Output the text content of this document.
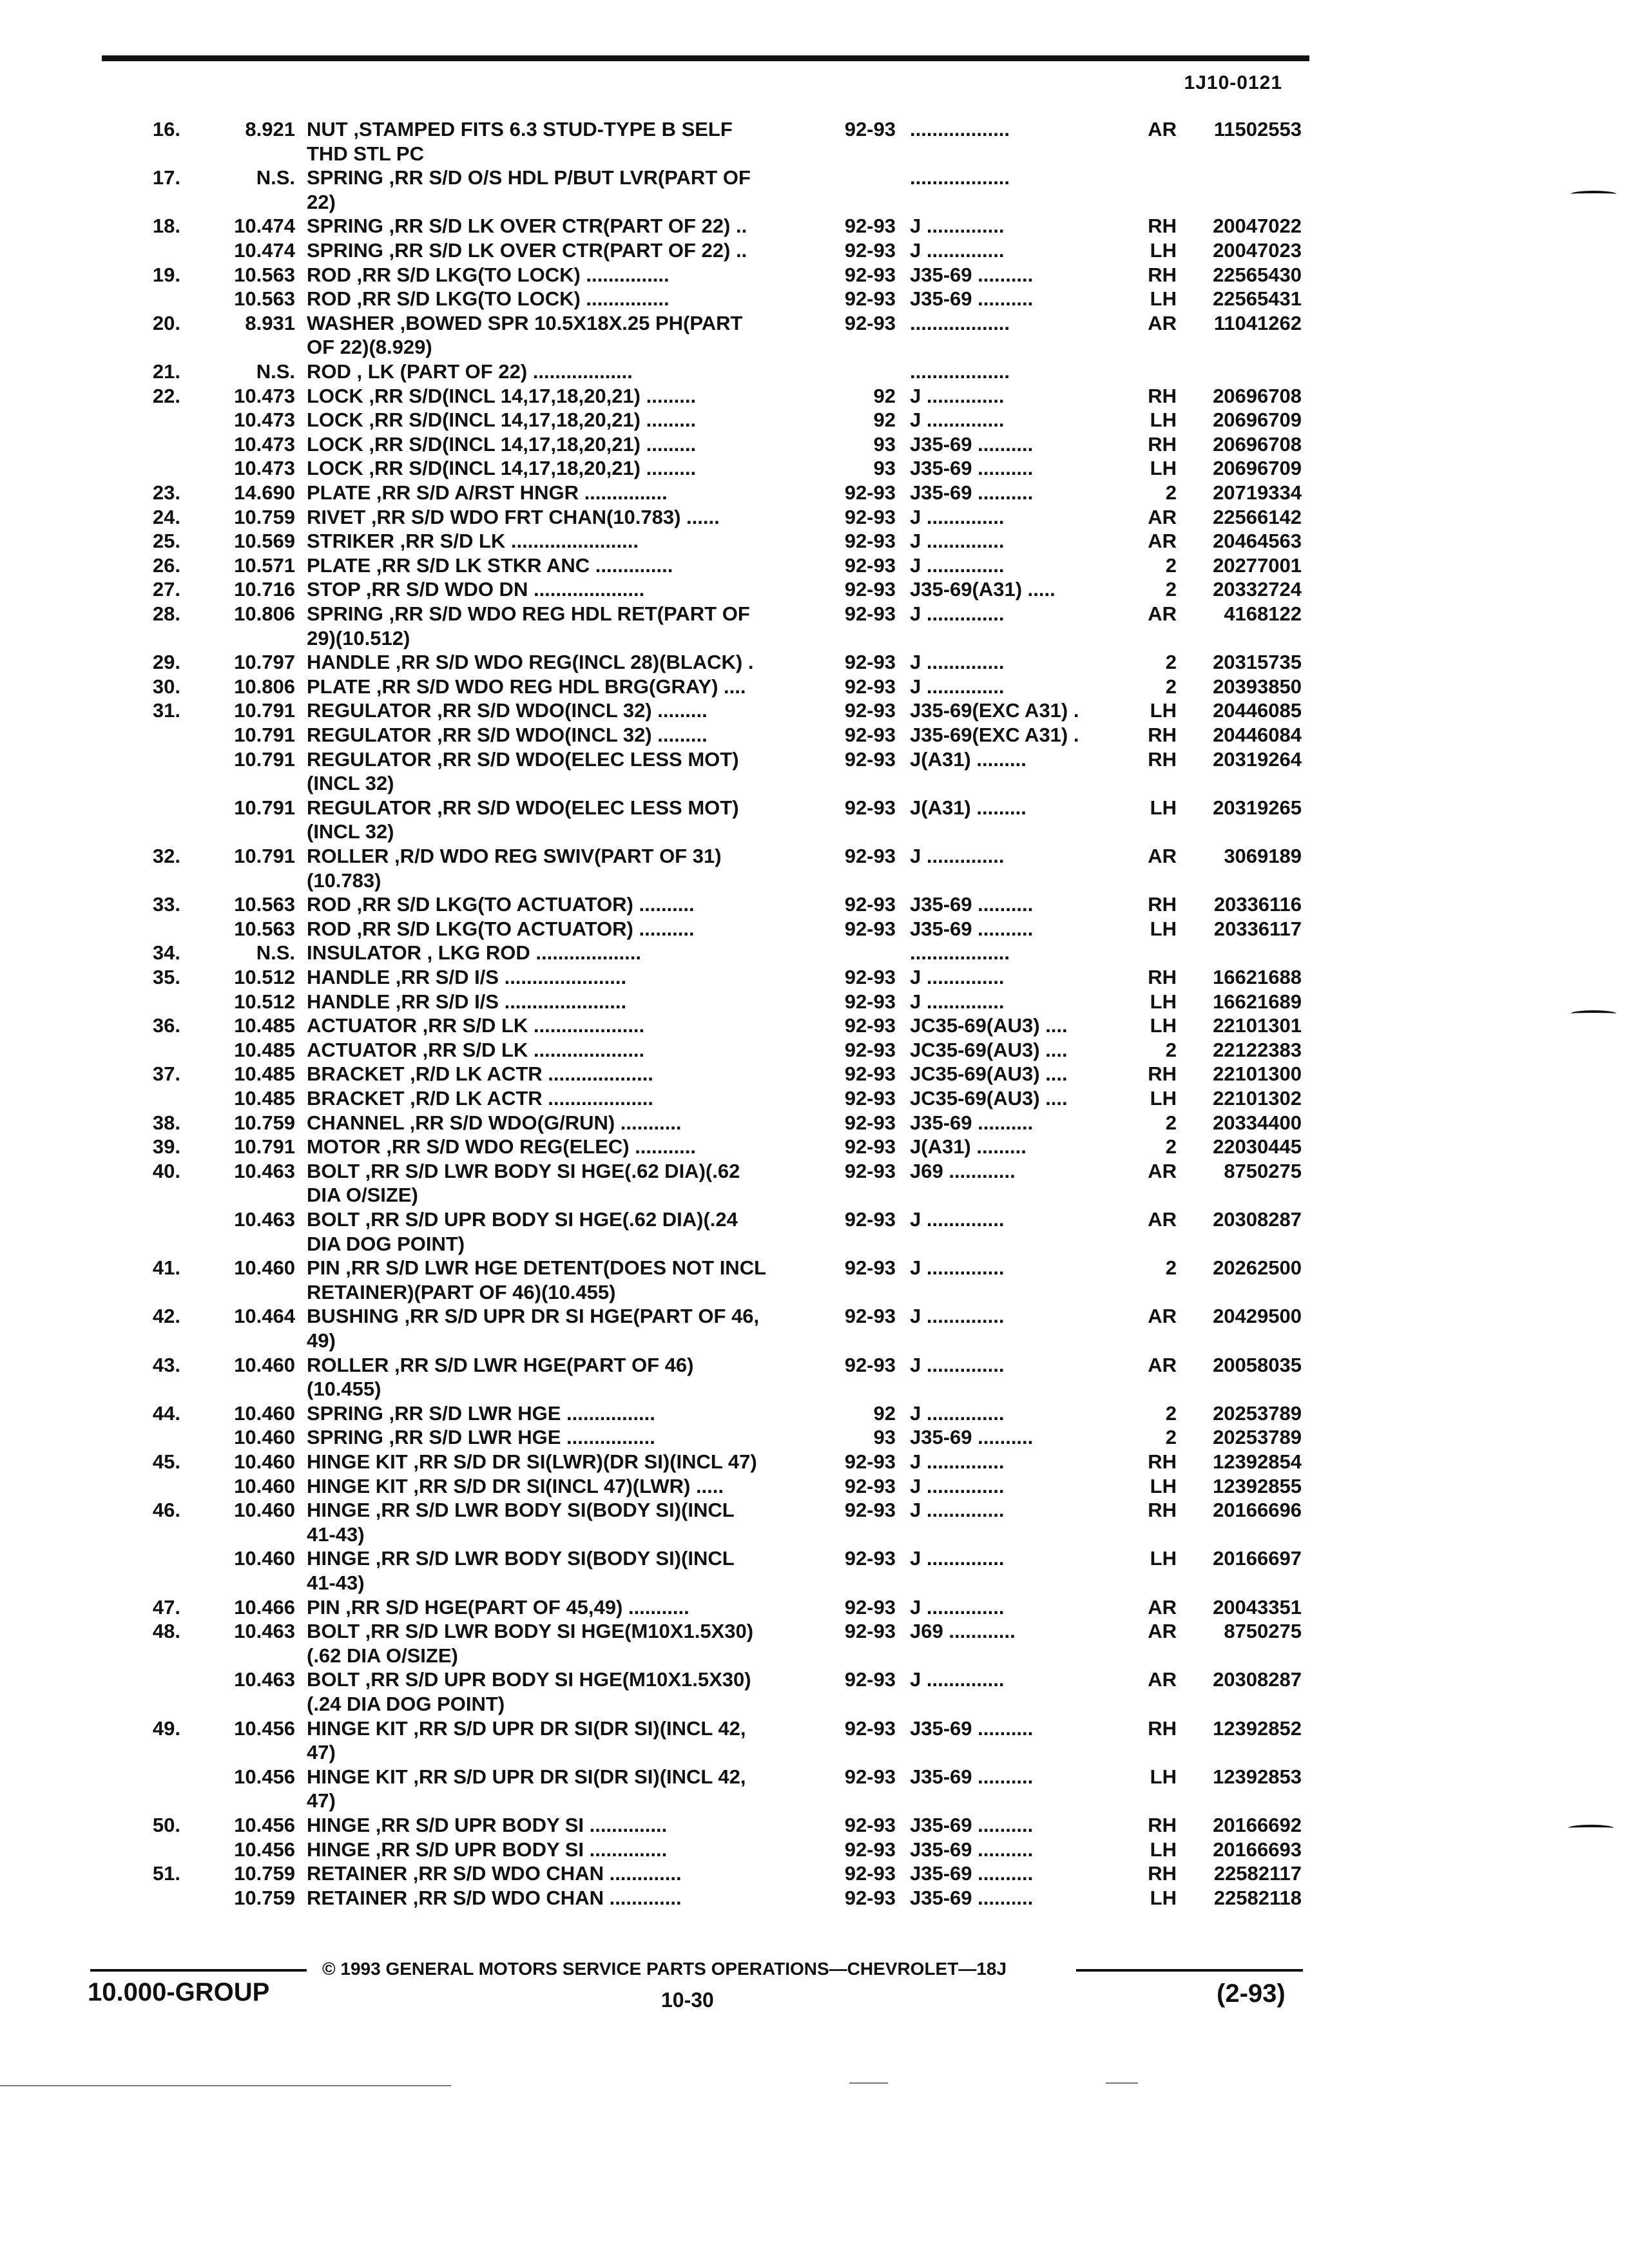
1J10-0121
16.	8.921 NUT ,STAMPED FITS 6.3 STUD-TYPE B SELF	92-93 ..................	AR	11502553
THD STL PC
17.	N.S. SPRING ,RR S/D O/S HDL P/BUT LVR(PART OF	..................
22)
18.	10.474 SPRING ,RR S/D LK OVER CTR(PART OF 22) ..	92-93 J ..............	RH	20047022
10.474 SPRING ,RR S/D LK OVER CTR(PART OF 22) ..	92-93 J ..............	LH	20047023
19.	10.563 ROD ,RR S/D LKG(TO LOCK) ...............	92-93 J35-69 ..........	RH	22565430
10.563 ROD ,RR S/D LKG(TO LOCK) ...............	92-93 J35-69 ..........	LH	22565431
20.	8.931 WASHER ,BOWED SPR 10.5X18X.25 PH(PART	92-93 ..................	AR	11041262
OF 22)(8.929)
21.	N.S. ROD , LK (PART OF 22) ..................	..................
22.	10.473 LOCK ,RR S/D(INCL 14,17,18,20,21) .........	92 J ..............	RH	20696708
10.473 LOCK ,RR S/D(INCL 14,17,18,20,21) .........	92 J ..............	LH	20696709
10.473 LOCK ,RR S/D(INCL 14,17,18,20,21) .........	93 J35-69 ..........	RH	20696708
10.473 LOCK ,RR S/D(INCL 14,17,18,20,21) .........	93 J35-69 ..........	LH	20696709
23.	14.690 PLATE ,RR S/D A/RST HNGR ...............	92-93 J35-69 ..........	2	20719334
24.	10.759 RIVET ,RR S/D WDO FRT CHAN(10.783) ......	92-93 J ..............	AR	22566142
25.	10.569 STRIKER ,RR S/D LK .......................	92-93 J ..............	AR	20464563
26.	10.571 PLATE ,RR S/D LK STKR ANC ..............	92-93 J ..............	2	20277001
27.	10.716 STOP ,RR S/D WDO DN ....................	92-93 J35-69(A31) .....	2	20332724
28.	10.806 SPRING ,RR S/D WDO REG HDL RET(PART OF	92-93 J ..............	AR	4168122
29)(10.512)
29.	10.797 HANDLE ,RR S/D WDO REG(INCL 28)(BLACK) .	92-93 J ..............	2	20315735
30.	10.806 PLATE ,RR S/D WDO REG HDL BRG(GRAY) ....	92-93 J ..............	2	20393850
31.	10.791 REGULATOR ,RR S/D WDO(INCL 32) .........	92-93 J35-69(EXC A31) .	LH	20446085
10.791 REGULATOR ,RR S/D WDO(INCL 32) .........	92-93 J35-69(EXC A31) .	RH	20446084
10.791 REGULATOR ,RR S/D WDO(ELEC LESS MOT)	92-93 J(A31) .........	RH	20319264
(INCL 32)
10.791 REGULATOR ,RR S/D WDO(ELEC LESS MOT)	92-93 J(A31) .........	LH	20319265
(INCL 32)
32.	10.791 ROLLER ,R/D WDO REG SWIV(PART OF 31)	92-93 J ..............	AR	3069189
(10.783)
33.	10.563 ROD ,RR S/D LKG(TO ACTUATOR) ..........	92-93 J35-69 ..........	RH	20336116
10.563 ROD ,RR S/D LKG(TO ACTUATOR) ..........	92-93 J35-69 ..........	LH	20336117
34.	N.S. INSULATOR , LKG ROD ...................	..................
35.	10.512 HANDLE ,RR S/D I/S ......................	92-93 J ..............	RH	16621688
10.512 HANDLE ,RR S/D I/S ......................	92-93 J ..............	LH	16621689
36.	10.485 ACTUATOR ,RR S/D LK ....................	92-93 JC35-69(AU3) ....	LH	22101301
10.485 ACTUATOR ,RR S/D LK ....................	92-93 JC35-69(AU3) ....	2	22122383
37.	10.485 BRACKET ,R/D LK ACTR ...................	92-93 JC35-69(AU3) ....	RH	22101300
10.485 BRACKET ,R/D LK ACTR ...................	92-93 JC35-69(AU3) ....	LH	22101302
38.	10.759 CHANNEL ,RR S/D WDO(G/RUN) ...........	92-93 J35-69 ..........	2	20334400
39.	10.791 MOTOR ,RR S/D WDO REG(ELEC) ...........	92-93 J(A31) .........	2	22030445
40.	10.463 BOLT ,RR S/D LWR BODY SI HGE(.62 DIA)(.62	92-93 J69 ............	AR	8750275
DIA O/SIZE)
10.463 BOLT ,RR S/D UPR BODY SI HGE(.62 DIA)(.24	92-93 J ..............	AR	20308287
DIA DOG POINT)
41.	10.460 PIN ,RR S/D LWR HGE DETENT(DOES NOT INCL	92-93 J ..............	2	20262500
RETAINER)(PART OF 46)(10.455)
42.	10.464 BUSHING ,RR S/D UPR DR SI HGE(PART OF 46,	92-93 J ..............	AR	20429500
49)
43.	10.460 ROLLER ,RR S/D LWR HGE(PART OF 46)	92-93 J ..............	AR	20058035
(10.455)
44.	10.460 SPRING ,RR S/D LWR HGE ................	92 J ..............	2	20253789
10.460 SPRING ,RR S/D LWR HGE ................	93 J35-69 ..........	2	20253789
45.	10.460 HINGE KIT ,RR S/D DR SI(LWR)(DR SI)(INCL 47)	92-93 J ..............	RH	12392854
10.460 HINGE KIT ,RR S/D DR SI(INCL 47)(LWR) .....	92-93 J ..............	LH	12392855
46.	10.460 HINGE ,RR S/D LWR BODY SI(BODY SI)(INCL	92-93 J ..............	RH	20166696
41-43)
10.460 HINGE ,RR S/D LWR BODY SI(BODY SI)(INCL	92-93 J ..............	LH	20166697
41-43)
47.	10.466 PIN ,RR S/D HGE(PART OF 45,49) ...........	92-93 J ..............	AR	20043351
48.	10.463 BOLT ,RR S/D LWR BODY SI HGE(M10X1.5X30)	92-93 J69 ............	AR	8750275
(.62 DIA O/SIZE)
10.463 BOLT ,RR S/D UPR BODY SI HGE(M10X1.5X30)	92-93 J ..............	AR	20308287
(.24 DIA DOG POINT)
49.	10.456 HINGE KIT ,RR S/D UPR DR SI(DR SI)(INCL 42,	92-93 J35-69 ..........	RH	12392852
47)
10.456 HINGE KIT ,RR S/D UPR DR SI(DR SI)(INCL 42,	92-93 J35-69 ..........	LH	12392853
47)
50.	10.456 HINGE ,RR S/D UPR BODY SI ..............	92-93 J35-69 ..........	RH	20166692
10.456 HINGE ,RR S/D UPR BODY SI ..............	92-93 J35-69 ..........	LH	20166693
51.	10.759 RETAINER ,RR S/D WDO CHAN .............	92-93 J35-69 ..........	RH	22582117
10.759 RETAINER ,RR S/D WDO CHAN .............	92-93 J35-69 ..........	LH	22582118
© 1993 GENERAL MOTORS SERVICE PARTS OPERATIONS—CHEVROLET—18J
10.000-GROUP	10-30	(2-93)
